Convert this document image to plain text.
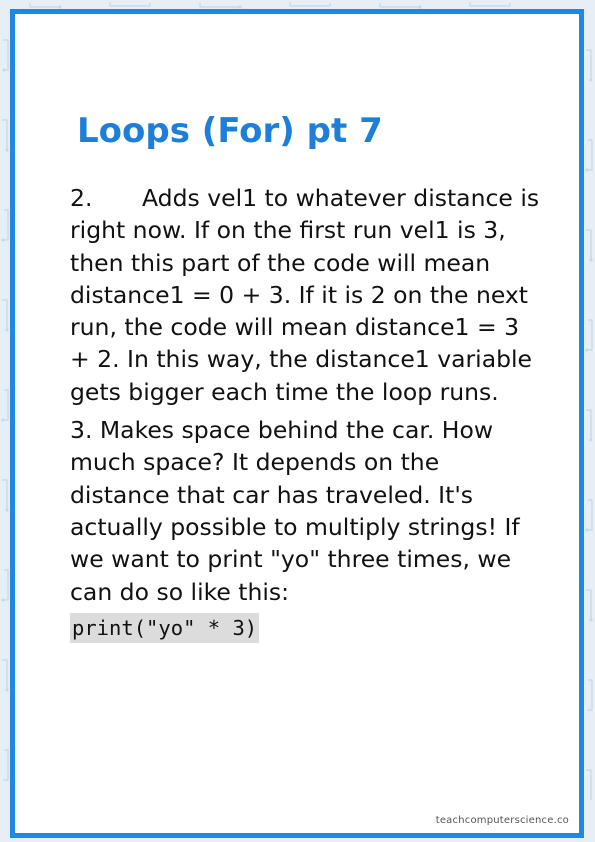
Loops (For) pt 7

2. Adds vel1 to whatever distance is right now. If on the first run vel1 is 3, then this part of the code will mean distance1 = 0 + 3. If it is 2 on the next run, the code will mean distance1 = 3 + 2. In this way, the distance1 variable gets bigger each time the loop runs.

3. Makes space behind the car. How much space? It depends on the distance that car has traveled. It's actually possible to multiply strings! If we want to print "yo" three times, we can do so like this:

print("yo" * 3)
teachcomputerscience.co
